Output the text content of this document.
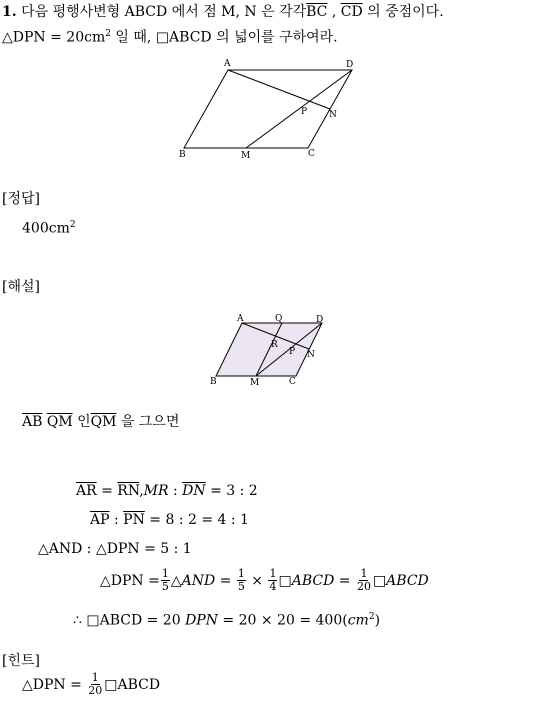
1. 다음 평행사변형 ABCD 에서 점 M, N 은 각각$\overline{BC}$ , $\overline{CD}$ 의 중점이다.
△DPN = $20cm^2$ 일 때, □ABCD 의 넓이를 구하여라.
A	D
P N
B	M	C
[정답]
$400cm^2$
[해설]
A	Q	D
R
P N
B	M	C
$\overline{AB}$ $\overline{QM}$ 인$\overline{QM}$ 을 그으면
$\overline{AR} = \overline{RN},MR$ : $\overline{DN} = 3$ : 2
$\overline{AP}$ : $\overline{PN} = 8$ : 2 = 4 : 1
△AND : △DPN = 5 : 1
△DPN = $\frac{1}{5}$ △AND = $\frac{1}{5} \times \frac{1}{4}$ □ABCD = $\frac{1}{20}$ □ABCD
∴ □ABCD = 20 DPN = $20 \times 20 = 400(cm^2)$
[힌트]
△DPN = $\frac{1}{20}$ □ABCD
